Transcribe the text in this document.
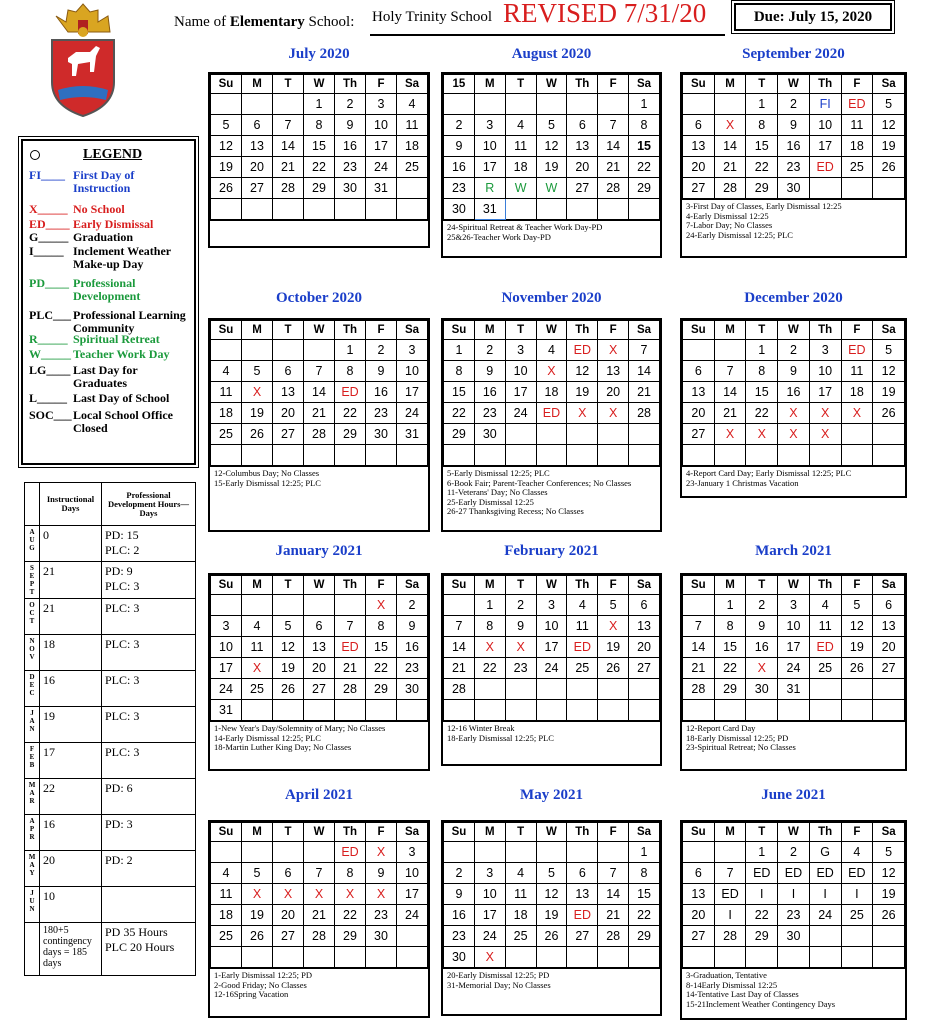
Name of Elementary School: Holy Trinity School REVISED 7/31/20	Due: July 15, 2020
LEGEND
FI____ First Day of Instruction
X_____ No School
ED____ Early Dismissal
G_____ Graduation
I_____ Inclement Weather Make-up Day
PD____ Professional Development
PLC___ Professional Learning Community
R_____ Spiritual Retreat
W_____ Teacher Work Day
LG____ Last Day for Graduates
L_____ Last Day of School
SOC___ Local School Office Closed
	Instructional Days	Professional Development Hours— Days
A
U
G	0	PD: 15
PLC: 2
S
E
P
T	21	PD: 9
PLC: 3
O
C
T	21	PLC: 3
N
O
V	18	PLC: 3
D
E
C	16	PLC: 3
J
A
N	19	PLC: 3
F
E
B	17	PLC: 3
M
A
R	22	PD: 6
A
P
R	16	PD: 3
M
A
Y	20	PD: 2
J
U
N	10	
	180+5 contingency days = 185 days	PD 35 Hours
PLC 20 Hours
July 2020
Su	M	T	W	Th	F	Sa
			1	2	3	4
5	6	7	8	9	10	11
12	13	14	15	16	17	18
19	20	21	22	23	24	25
26	27	28	29	30	31	

August 2020
15	M	T	W	Th	F	Sa
						1
2	3	4	5	6	7	8
9	10	11	12	13	14	15
16	17	18	19	20	21	22
23	R	W	W	27	28	29
30	31					
24-Spiritual Retreat & Teacher Work Day-PD
25&26-Teacher Work Day-PD
September 2020
Su	M	T	W	Th	F	Sa
		1	2	FI	ED	5
6	X	8	9	10	11	12
13	14	15	16	17	18	19
20	21	22	23	ED	25	26
27	28	29	30			
3-First Day of Classes, Early Dismissal 12:25
4-Early Dismissal 12:25
7-Labor Day; No Classes
24-Early Dismissal 12:25; PLC
October 2020
Su	M	T	W	Th	F	Sa
				1	2	3
4	5	6	7	8	9	10
11	X	13	14	ED	16	17
18	19	20	21	22	23	24
25	26	27	28	29	30	31

12-Columbus Day; No Classes
15-Early Dismissal 12:25; PLC
November 2020
Su	M	T	W	Th	F	Sa
1	2	3	4	ED	X	7
8	9	10	X	12	13	14
15	16	17	18	19	20	21
22	23	24	ED	X	X	28
29	30					

5-Early Dismissal 12:25; PLC
6-Book Fair; Parent-Teacher Conferences; No Classes
11-Veterans' Day; No Classes
25-Early Dismissal 12:25
26-27 Thanksgiving Recess; No Classes
December 2020
Su	M	T	W	Th	F	Sa
		1	2	3	ED	5
6	7	8	9	10	11	12
13	14	15	16	17	18	19
20	21	22	X	X	X	26
27	X	X	X	X		

4-Report Card Day; Early Dismissal 12:25; PLC
23-January 1 Christmas Vacation
January 2021
Su	M	T	W	Th	F	Sa
					X	2
3	4	5	6	7	8	9
10	11	12	13	ED	15	16
17	X	19	20	21	22	23
24	25	26	27	28	29	30
31						
1-New Year's Day/Solemnity of Mary; No Classes
14-Early Dismissal 12:25; PLC
18-Martin Luther King Day; No Classes
February 2021
Su	M	T	W	Th	F	Sa
	1	2	3	4	5	6
7	8	9	10	11	X	13
14	X	X	17	ED	19	20
21	22	23	24	25	26	27
28						

12-16 Winter Break
18-Early Dismissal 12:25; PLC
March 2021
Su	M	T	W	Th	F	Sa
	1	2	3	4	5	6
7	8	9	10	11	12	13
14	15	16	17	ED	19	20
21	22	X	24	25	26	27
28	29	30	31			

12-Report Card Day
18-Early Dismissal 12:25; PD
23-Spiritual Retreat; No Classes
April 2021
Su	M	T	W	Th	F	Sa
				ED	X	3
4	5	6	7	8	9	10
11	X	X	X	X	X	17
18	19	20	21	22	23	24
25	26	27	28	29	30	

1-Early Dismissal 12:25; PD
2-Good Friday; No Classes
12-16Spring Vacation
May 2021
Su	M	T	W	Th	F	Sa
						1
2	3	4	5	6	7	8
9	10	11	12	13	14	15
16	17	18	19	ED	21	22
23	24	25	26	27	28	29
30	X					
20-Early Dismissal 12:25; PD
31-Memorial Day; No Classes
June 2021
Su	M	T	W	Th	F	Sa
		1	2	G	4	5
6	7	ED	ED	ED	ED	12
13	ED	I	I	I	I	19
20	I	22	23	24	25	26
27	28	29	30			

3-Graduation, Tentative
8-14Early Dismissal 12:25
14-Tentative Last Day of Classes
15-21Inclement Weather Contingency Days
